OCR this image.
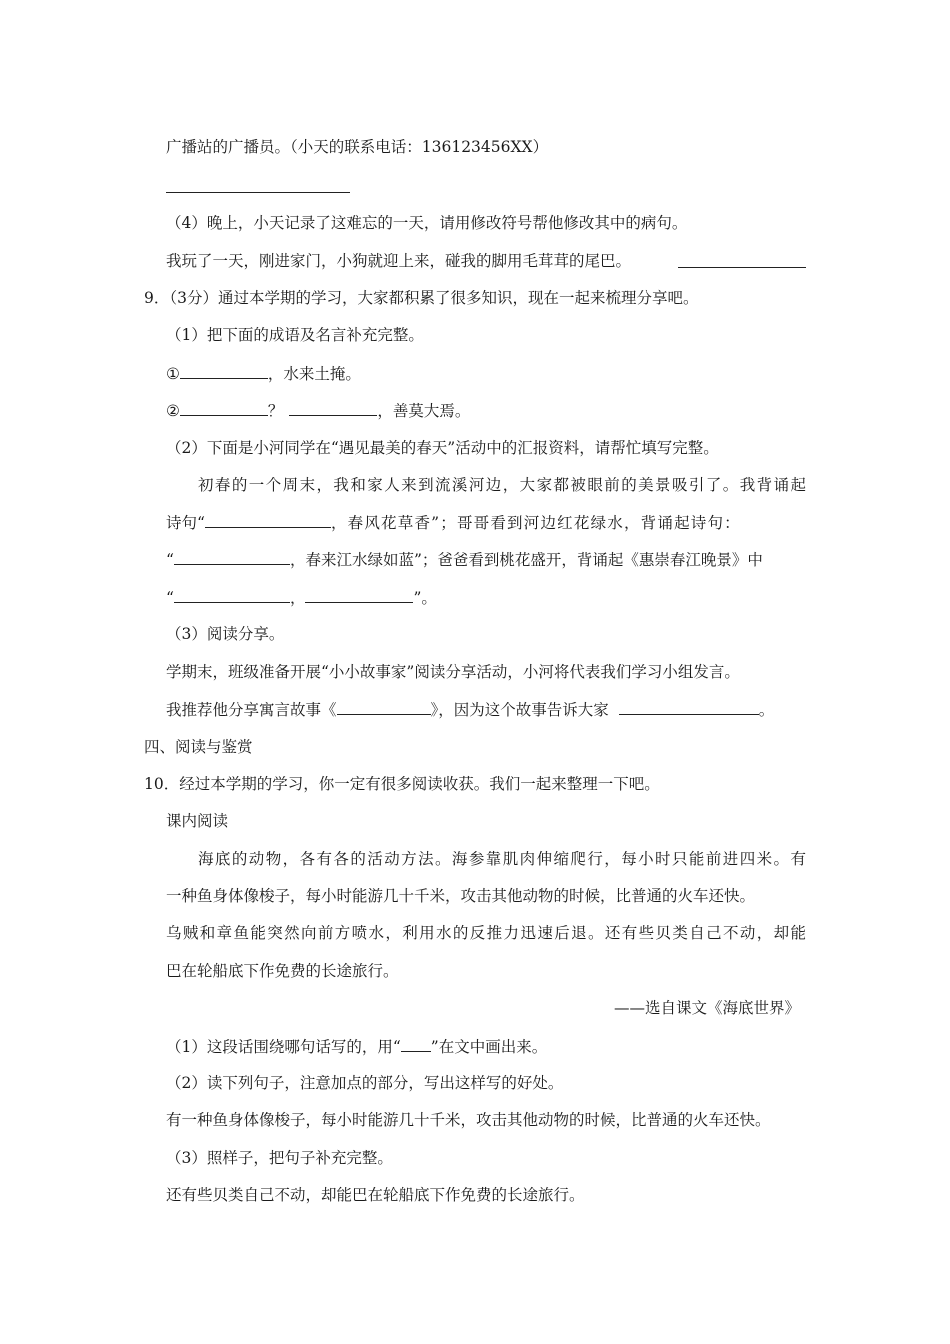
广播站的广播员。（小天的联系电话：136123456XX）
（4）晚上，小天记录了这难忘的一天，请用修改符号帮他修改其中的病句。
我玩了一天，刚进家门，小狗就迎上来，碰我的脚用毛茸茸的尾巴。
9．（3分）通过本学期的学习，大家都积累了很多知识，现在一起来梳理分享吧。
（1）把下面的成语及名言补充完整。
①	，水来土掩。
②	？	，善莫大焉。
（2）下面是小河同学在“遇见最美的春天”活动中的汇报资料，请帮忙填写完整。
初春的一个周末，我和家人来到流溪河边，大家都被眼前的美景吸引了。我背诵起
诗句“	，春风花草香”；哥哥看到河边红花绿水，背诵起诗句：
“	，春来江水绿如蓝”；爸爸看到桃花盛开，背诵起《惠崇春江晚景》中
“	，	”。
（3）阅读分享。
学期末，班级准备开展“小小故事家”阅读分享活动，小河将代表我们学习小组发言。
我推荐他分享寓言故事《	》，因为这个故事告诉大家	。
四、阅读与鉴赏
10．经过本学期的学习，你一定有很多阅读收获。我们一起来整理一下吧。
课内阅读
海底的动物，各有各的活动方法。海参靠肌肉伸缩爬行，每小时只能前进四米。有
一种鱼身体像梭子，每小时能游几十千米，攻击其他动物的时候，比普通的火车还快。
乌贼和章鱼能突然向前方喷水，利用水的反推力迅速后退。还有些贝类自己不动，却能
巴在轮船底下作免费的长途旅行。
——选自课文《海底世界》
（1）这段话围绕哪句话写的，用“ ”在文中画出来。
（2）读下列句子，注意加点的部分，写出这样写的好处。
有一种鱼身体像梭子，每小时能游几十千米，攻击其他动物的时候，比普通的火车还快。
（3）照样子，把句子补充完整。
还有些贝类自己不动，却能巴在轮船底下作免费的长途旅行。
